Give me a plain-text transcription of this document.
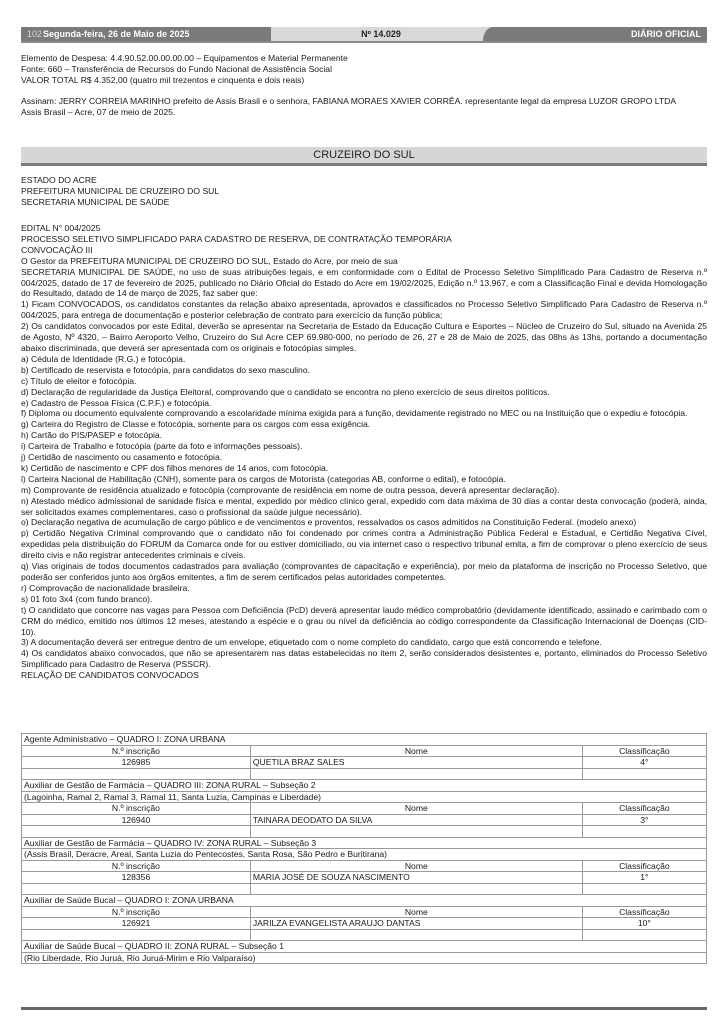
102 Segunda-feira, 26 de Maio de 2025	Nº 14.029	DIÁRIO OFICIAL
Elemento de Despesa: 4.4.90.52.00.00.00.00 – Equipamentos e Material Permanente
Fonte: 660 – Transferência de Recursos do Fundo Nacional de Assistência Social
VALOR TOTAL R$ 4.352,00 (quatro mil trezentos e cinquenta e dois reais)
Assinam: JERRY CORREIA MARINHO prefeito de Assis Brasil e o senhora, FABIANA MORAES XAVIER CORRÊA. representante legal da empresa LUZOR GROPO LTDA
Assis Brasil – Acre, 07 de meio de 2025.
CRUZEIRO DO SUL
ESTADO DO ACRE
PREFEITURA MUNICIPAL DE CRUZEIRO DO SUL
SECRETARIA MUNICIPAL DE SAÚDE
EDITAL N° 004/2025
PROCESSO SELETIVO SIMPLIFICADO PARA CADASTRO DE RESERVA, DE CONTRATAÇÃO TEMPORÁRIA
CONVOCAÇÃO III
O Gestor da PREFEITURA MUNICIPAL DE CRUZEIRO DO SUL, Estado do Acre, por meio de sua
SECRETARIA MUNICIPAL DE SAÚDE, no uso de suas atribuições legais, e em conformidade com o Edital de Processo Seletivo Simplificado Para Cadastro de Reserva n.º 004/2025, datado de 17 de fevereiro de 2025, publicado no Diário Oficial do Estado do Acre em 19/02/2025, Edição n.º 13.967, e com a Classificação Final e devida Homologação do Resultado, datado de 14 de março de 2025, faz saber que:
1) Ficam CONVOCADOS, os candidatos constantes da relação abaixo apresentada, aprovados e classificados no Processo Seletivo Simplificado Para Cadastro de Reserva n.º 004/2025, para entrega de documentação e posterior celebração de contrato para exercício da função pública;
2) Os candidatos convocados por este Edital, deverão se apresentar na Secretaria de Estado da Educação Cultura e Esportes – Núcleo de Cruzeiro do Sul, situado na Avenida 25 de Agosto, Nº 4320, – Bairro Aeroporto Velho, Cruzeiro do Sul Acre CEP 69.980-000, no período de 26, 27 e 28 de Maio de 2025, das 08hs às 13hs, portando a documentação abaixo discriminada, que deverá ser apresentada com os originais e fotocópias simples.
a) Cédula de Identidade (R.G.) e fotocópia.
b) Certificado de reservista e fotocópia, para candidatos do sexo masculino.
c) Título de eleitor e fotocópia.
d) Declaração de regularidade da Justiça Eleitoral, comprovando que o candidato se encontra no pleno exercício de seus direitos políticos.
e) Cadastro de Pessoa Física (C.P.F.) e fotocópia.
f) Diploma ou documento equivalente comprovando a escolaridade mínima exigida para a função, devidamente registrado no MEC ou na Instituição que o expediu e fotocópia.
g) Carteira do Registro de Classe e fotocópia, somente para os cargos com essa exigência.
h) Cartão do PIS/PASEP e fotocópia.
i) Carteira de Trabalho e fotocópia (parte da foto e informações pessoais).
j) Certidão de nascimento ou casamento e fotocópia.
k) Certidão de nascimento e CPF dos filhos menores de 14 anos, com fotocópia.
l) Carteira Nacional de Habilitação (CNH), somente para os cargos de Motorista (categorias AB, conforme o edital), e fotocópia.
m) Comprovante de residência atualizado e fotocópia (comprovante de residência em nome de outra pessoa, deverá apresentar declaração).
n) Atestado médico admissional de sanidade física e mental, expedido por médico clínico geral, expedido com data máxima de 30 dias a contar desta convocação (poderá, ainda, ser solicitados exames complementares, caso o profissional da saúde julgue necessário).
o) Declaração negativa de acumulação de cargo público e de vencimentos e proventos, ressalvados os casos admitidos na Constituição Federal. (modelo anexo)
p) Certidão Negativa Criminal comprovando que o candidato não foi condenado por crimes contra a Administração Pública Federal e Estadual, e Certidão Negativa Cível, expedidas pela distribuição do FORUM da Comarca onde for ou estiver domiciliado, ou via internet caso o respectivo tribunal emita, a fim de comprovar o pleno exercício de seus direito civis e não registrar antecedentes criminais e cíveis.
q) Vias originais de todos documentos cadastrados para avaliação (comprovantes de capacitação e experiência), por meio da plataforma de inscrição no Processo Seletivo, que poderão ser conferidos junto aos órgãos emitentes, a fim de serem certificados pelas autoridades competentes.
r) Comprovação de nacionalidade brasileira.
s) 01 foto 3x4 (com fundo branco).
t) O candidato que concorre nas vagas para Pessoa com Deficiência (PcD) deverá apresentar laudo médico comprobatório (devidamente identificado, assinado e carimbado com o CRM do médico, emitido nos últimos 12 meses, atestando a espécie e o grau ou nível da deficiência ao código correspondente da Classificação Internacional de Doenças (CID-10).
3) A documentação deverá ser entregue dentro de um envelope, etiquetado com o nome completo do candidato, cargo que está concorrendo e telefone.
4) Os candidatos abaixo convocados, que não se apresentarem nas datas estabelecidas no item 2, serão considerados desistentes e, portanto, eliminados do Processo Seletivo Simplificado para Cadastro de Reserva (PSSCR).
RELAÇÃO DE CANDIDATOS CONVOCADOS
Agente Administrativo – QUADRO I: ZONA URBANA		
N.º inscrição	Nome	Classificação
126985	QUETILA BRAZ SALES	4°

Auxiliar de Gestão de Farmácia – QUADRO III: ZONA RURAL – Subseção 2		
(Lagoinha, Ramal 2, Ramal 3, Ramal 11, Santa Luzia, Campinas e Liberdade)		
N.º inscrição	Nome	Classificação
126940	TAINARA DEODATO DA SILVA	3°

Auxiliar de Gestão de Farmácia – QUADRO IV: ZONA RURAL – Subseção 3		
(Assis Brasil, Deracre, Areal, Santa Luzia do Pentecostes, Santa Rosa, São Pedro e Buritirana)		
N.º inscrição	Nome	Classificação
128356	MARIA JOSÉ DE SOUZA NASCIMENTO	1°

Auxiliar de Saúde Bucal – QUADRO I: ZONA URBANA		
N.º inscrição	Nome	Classificação
126921	JARILZA EVANGELISTA ARAUJO DANTAS	10°

Auxiliar de Saúde Bucal – QUADRO II: ZONA RURAL – Subseção 1		
(Rio Liberdade, Rio Juruá, Rio Juruá-Mirim e Rio Valparaíso)		
